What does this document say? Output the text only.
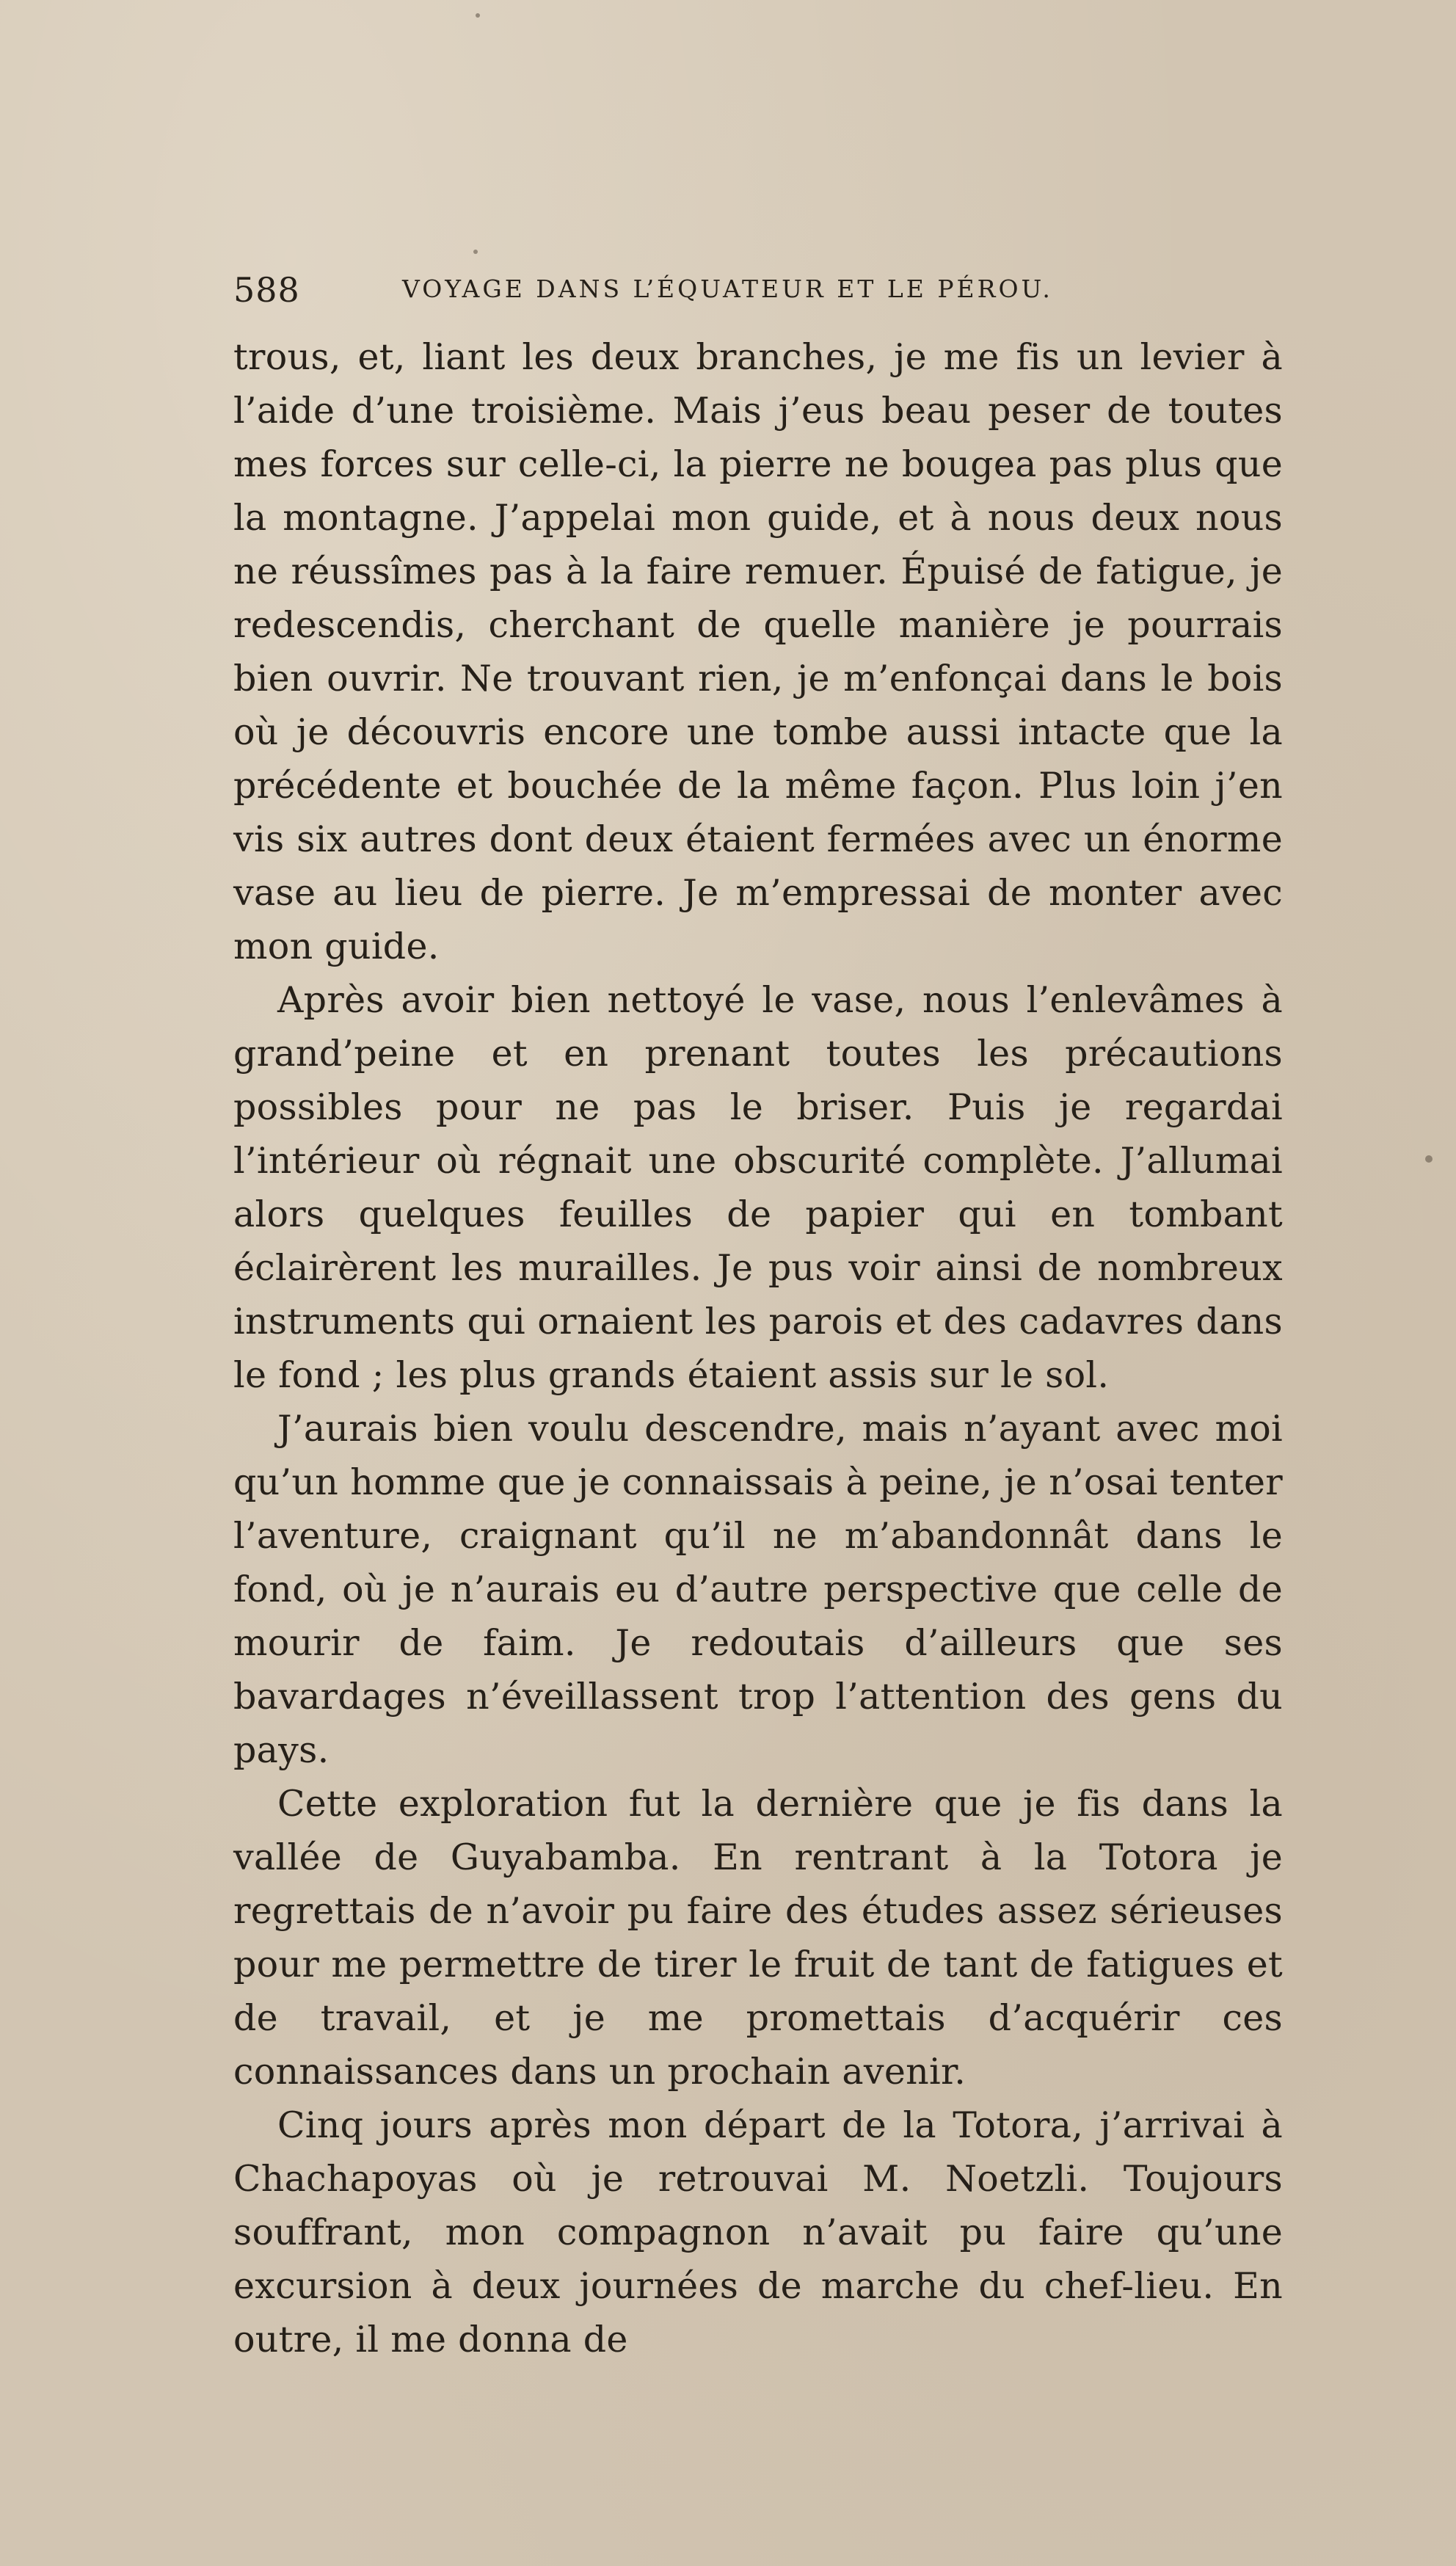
588	VOYAGE DANS L’ÉQUATEUR ET LE PÉROU.

trous, et, liant les deux branches, je me fis un levier à l’aide d’une troisième. Mais j’eus beau peser de toutes mes forces sur celle-ci, la pierre ne bougea pas plus que la montagne. J’appelai mon guide, et à nous deux nous ne réussîmes pas à la faire remuer. Épuisé de fatigue, je redescendis, cherchant de quelle manière je pourrais bien ouvrir. Ne trouvant rien, je m’enfonçai dans le bois où je découvris encore une tombe aussi intacte que la précédente et bouchée de la même façon. Plus loin j’en vis six autres dont deux étaient fermées avec un énorme vase au lieu de pierre. Je m’empressai de monter avec mon guide.

Après avoir bien nettoyé le vase, nous l’enlevâmes à grand’peine et en prenant toutes les précautions possibles pour ne pas le briser. Puis je regardai l’intérieur où régnait une obscurité complète. J’allumai alors quelques feuilles de papier qui en tombant éclairèrent les murailles. Je pus voir ainsi de nombreux instruments qui ornaient les parois et des cadavres dans le fond ; les plus grands étaient assis sur le sol.

J’aurais bien voulu descendre, mais n’ayant avec moi qu’un homme que je connaissais à peine, je n’osai tenter l’aventure, craignant qu’il ne m’abandonnât dans le fond, où je n’aurais eu d’autre perspective que celle de mourir de faim. Je redoutais d’ailleurs que ses bavardages n’éveillassent trop l’attention des gens du pays.

Cette exploration fut la dernière que je fis dans la vallée de Guyabamba. En rentrant à la Totora je regrettais de n’avoir pu faire des études assez sérieuses pour me permettre de tirer le fruit de tant de fatigues et de travail, et je me promettais d’acquérir ces connaissances dans un prochain avenir.

Cinq jours après mon départ de la Totora, j’arrivai à Chachapoyas où je retrouvai M. Noetzli. Toujours souffrant, mon compagnon n’avait pu faire qu’une excursion à deux journées de marche du chef-lieu. En outre, il me donna de
